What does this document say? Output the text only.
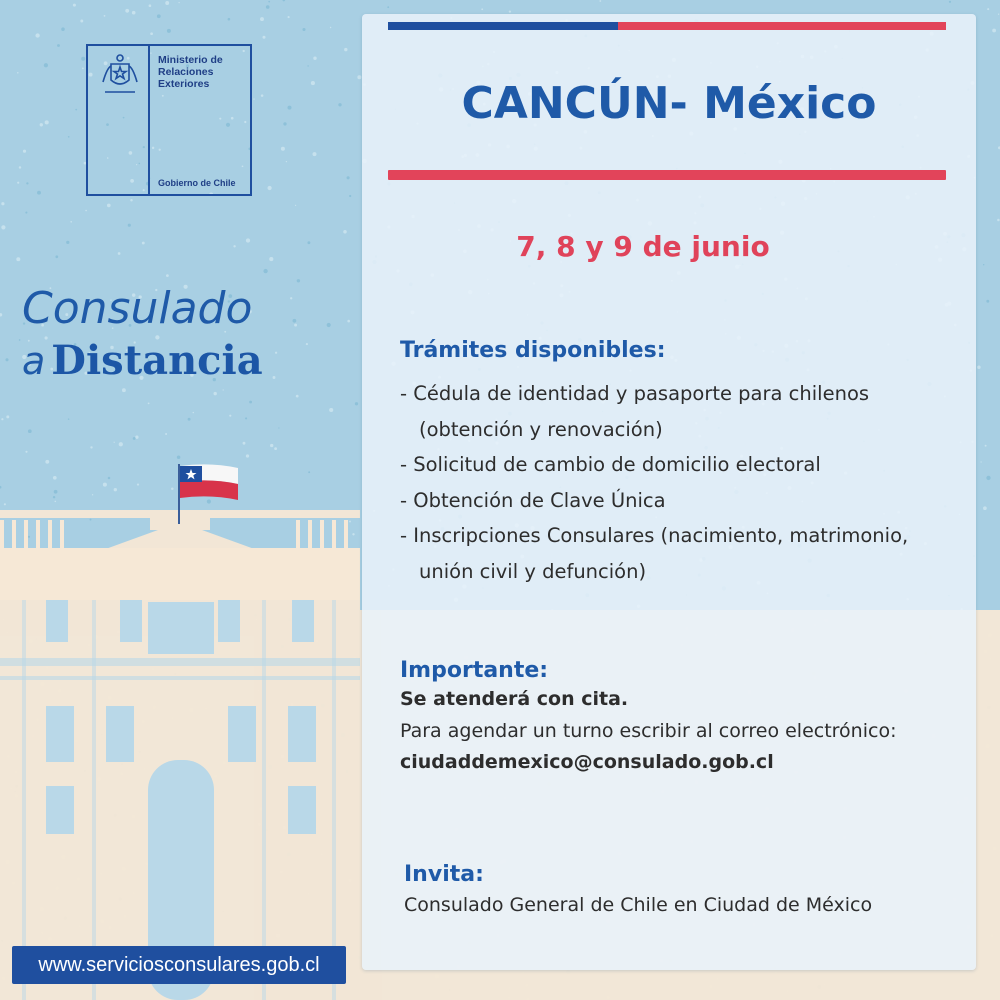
Ministerio de
Relaciones
Exteriores
Gobierno de Chile
Consulado
a Distancia
www.serviciosconsulares.gob.cl
CANCÚN- México
7, 8 y 9 de junio
Trámites disponibles:
- Cédula de identidad y pasaporte para chilenos
(obtención y renovación)
- Solicitud de cambio de domicilio electoral
- Obtención de Clave Única
- Inscripciones Consulares (nacimiento, matrimonio,
unión civil y defunción)
Importante:
Se atenderá con cita.
Para agendar un turno escribir al correo electrónico:
ciudaddemexico@consulado.gob.cl
Invita:
Consulado General de Chile en Ciudad de México
